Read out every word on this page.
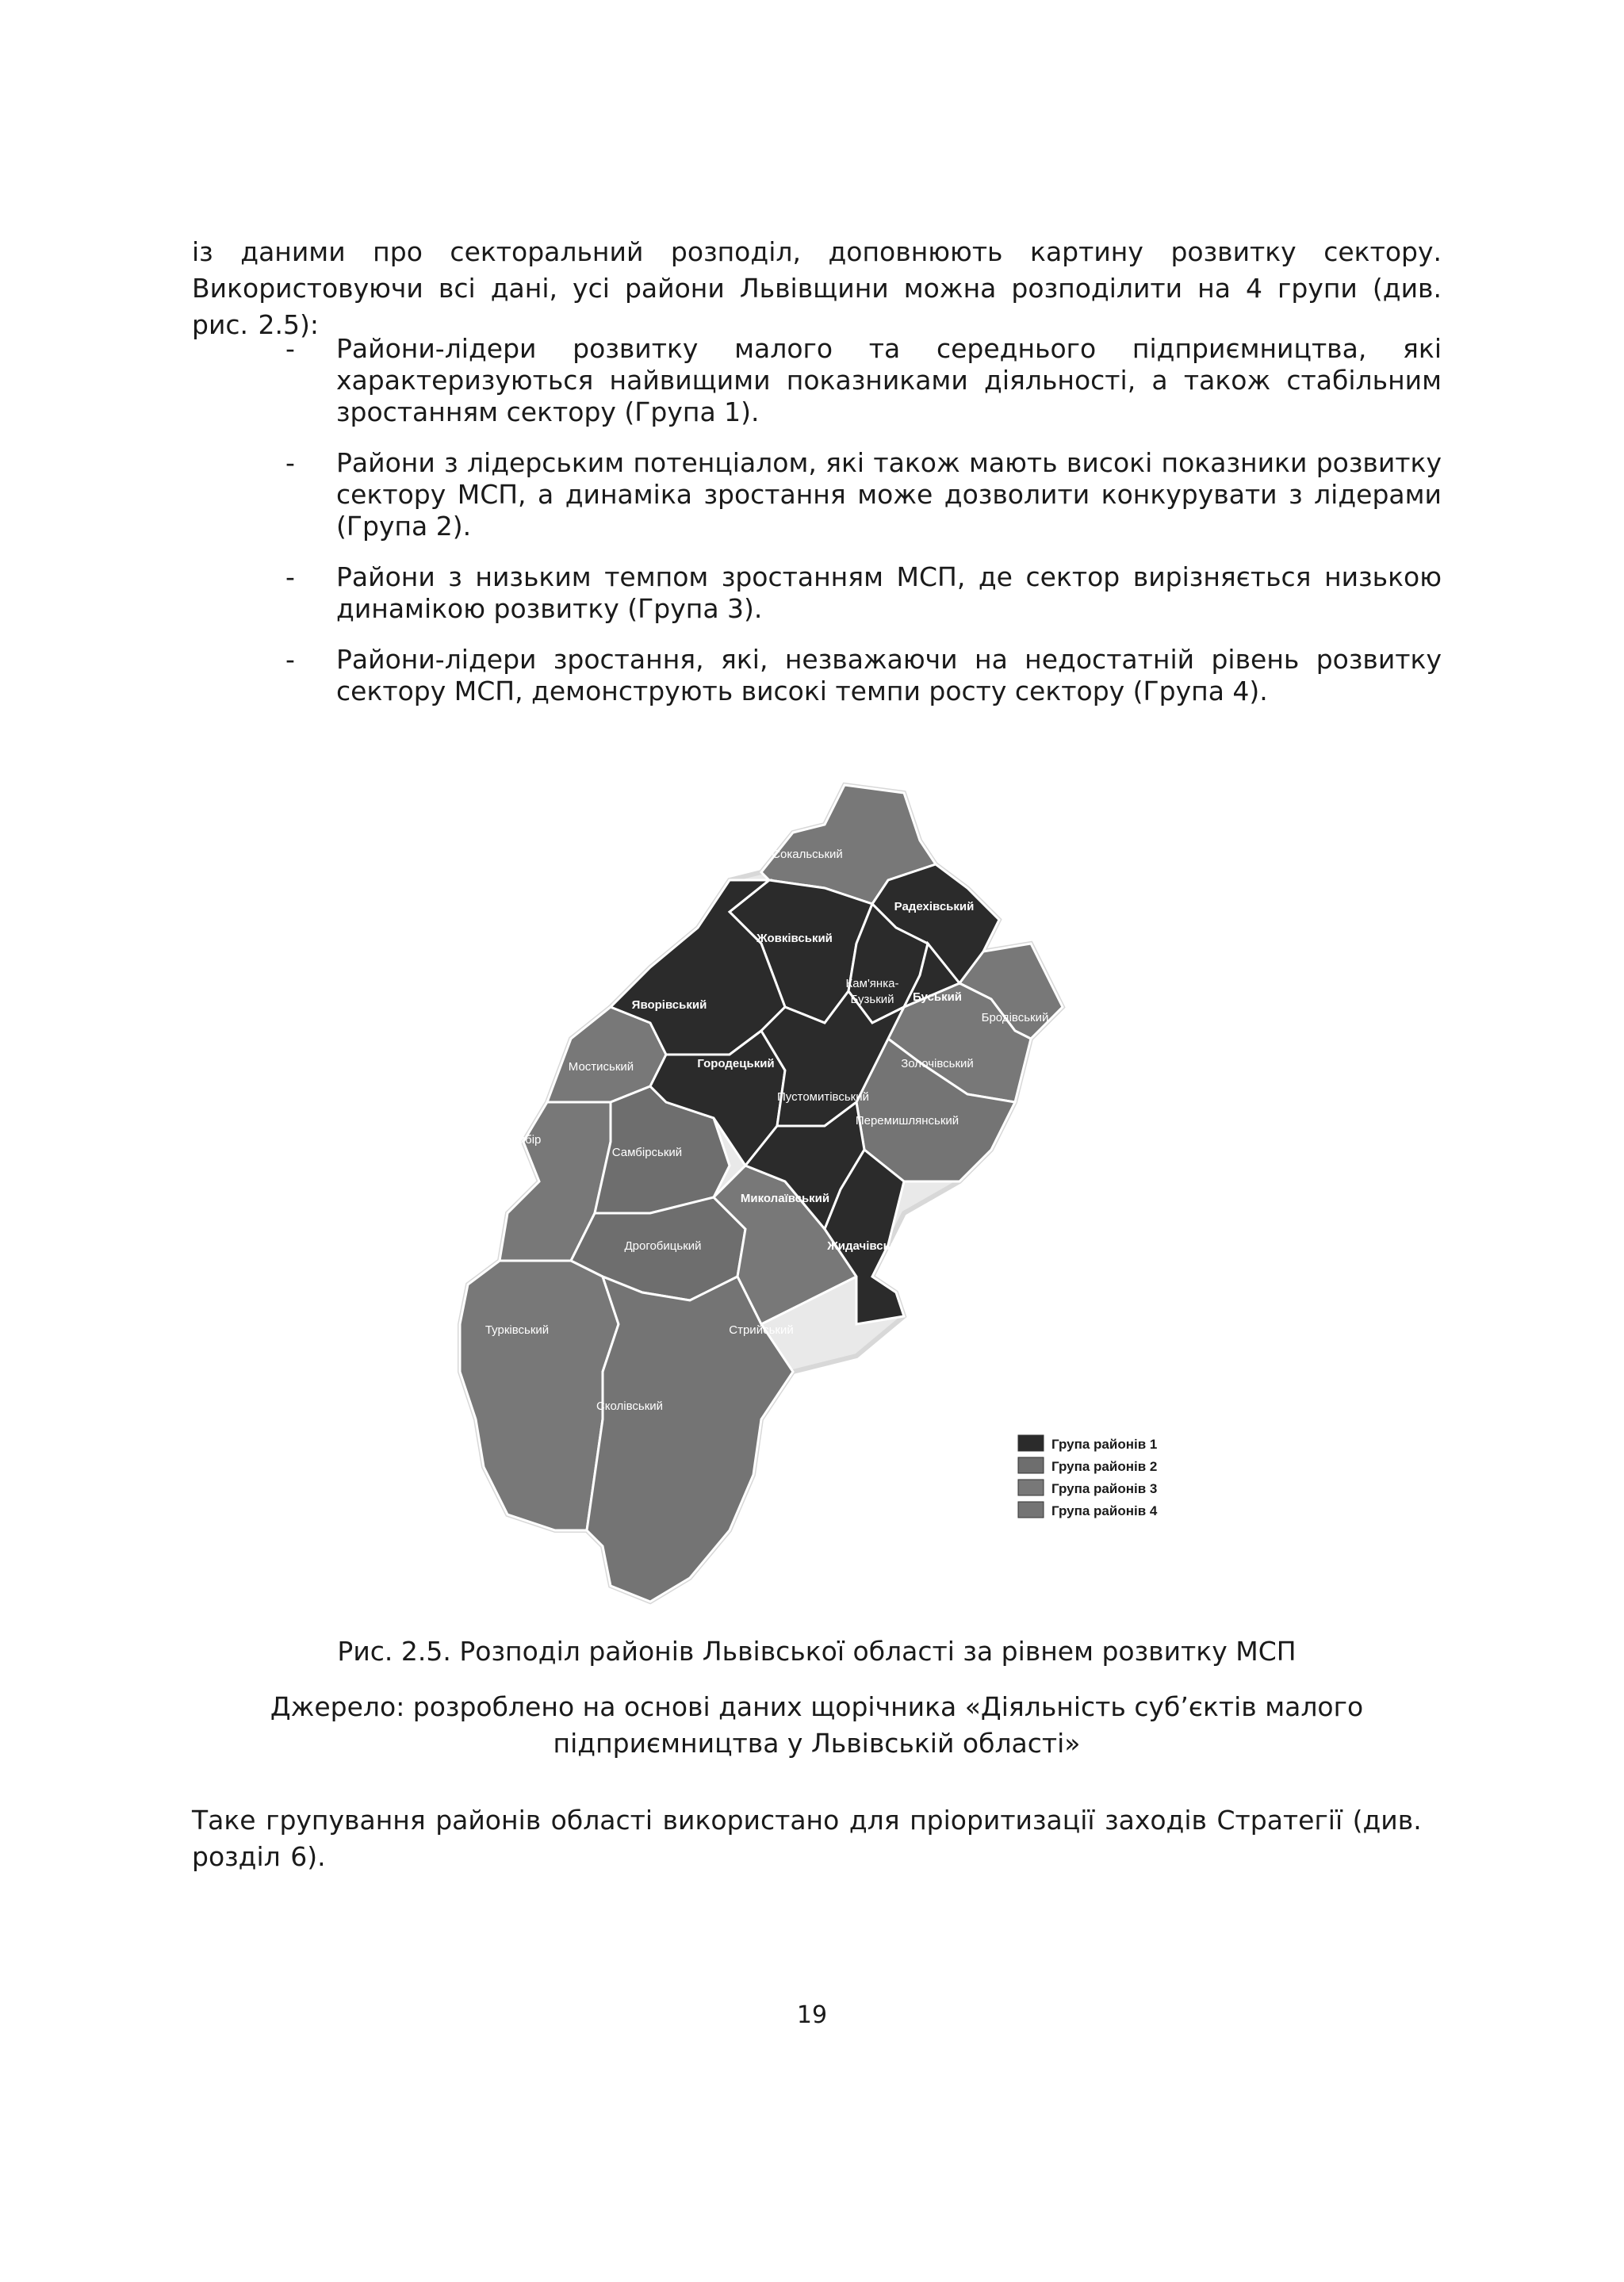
із даними про секторальний розподіл, доповнюють картину розвитку сектору. Використовуючи всі дані, усі райони Львівщини можна розподілити на 4 групи (див. рис. 2.5):

- Райони-лідери розвитку малого та середнього підприємництва, які характеризуються найвищими показниками діяльності, а також стабільним зростанням сектору (Група 1).
- Райони з лідерським потенціалом, які також мають високі показники розвитку сектору МСП, а динаміка зростання може дозволити конкурувати з лідерами (Група 2).
- Райони з низьким темпом зростанням МСП, де сектор вирізняється низькою динамікою розвитку (Група 3).
- Райони-лідери зростання, які, незважаючи на недостатній рівень розвитку сектору МСП, демонструють високі темпи росту сектору (Група 4).
Сокальський
Радехівський
Жовківський
Яворівський
Кам'янка-
Бузький Буський
Бродівський
Мостиський	Городецький
Пустомитівський
Золочівський
Перемишлянський
Старосамбір
ський	Самбірський
Миколаївський
Жидачівський
Дрогобицький
Турківський	Стрийський
Сколівський
Група районів 1
Група районів 2
Група районів 3
Група районів 4
Рис. 2.5. Розподіл районів Львівської області за рівнем розвитку МСП
Джерело: розроблено на основі даних щорічника «Діяльність суб’єктів малого
підприємництва у Львівській області»

Таке групування районів області використано для пріоритизації заходів Стратегії (див. розділ 6).

19
